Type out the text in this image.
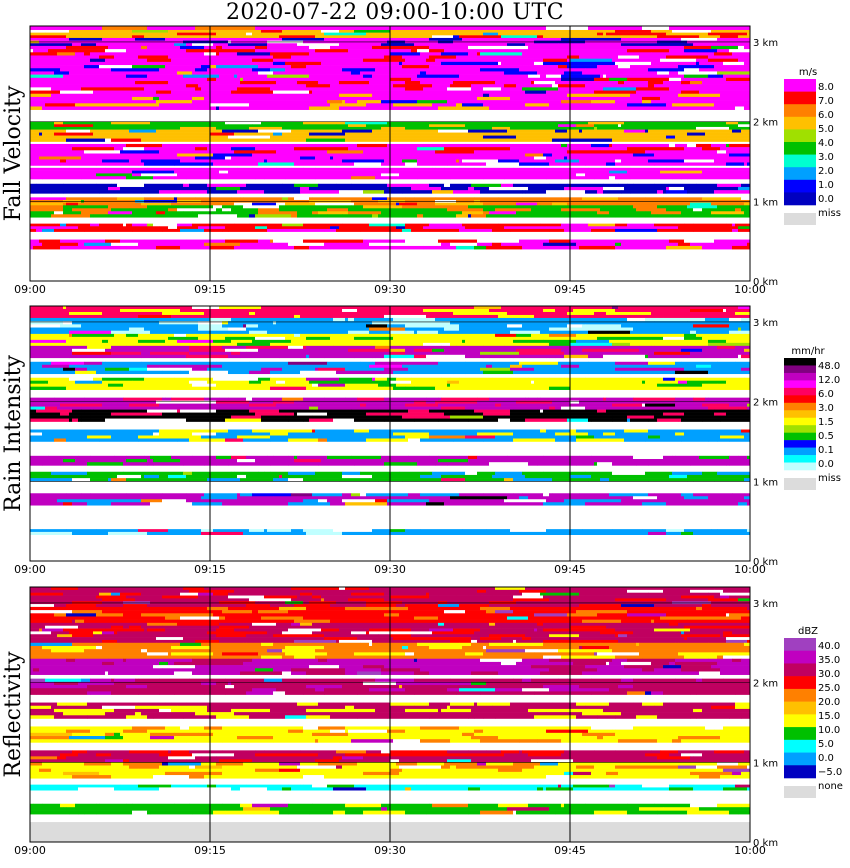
2020-07-22 09:00-10:00 UTC
09:00	09:15	09:30	09:45	10:00
0 km
1 km
2 km
3 km
Fall Velocity
m/s
8.0
7.0
6.0
5.0
4.0
3.0
2.0
1.0
0.0
miss
09:00	09:15	09:30	09:45	10:00
0 km
1 km
2 km
3 km
Rain Intensity
mm/hr
48.0
12.0
6.0
3.0
1.5
0.5
0.1
0.0
miss
09:00	09:15	09:30	09:45	10:00
0 km
1 km
2 km
3 km
Reflectivity
dBZ
40.0
35.0
30.0
25.0
20.0
15.0
10.0
5.0
0.0
−5.0
none
